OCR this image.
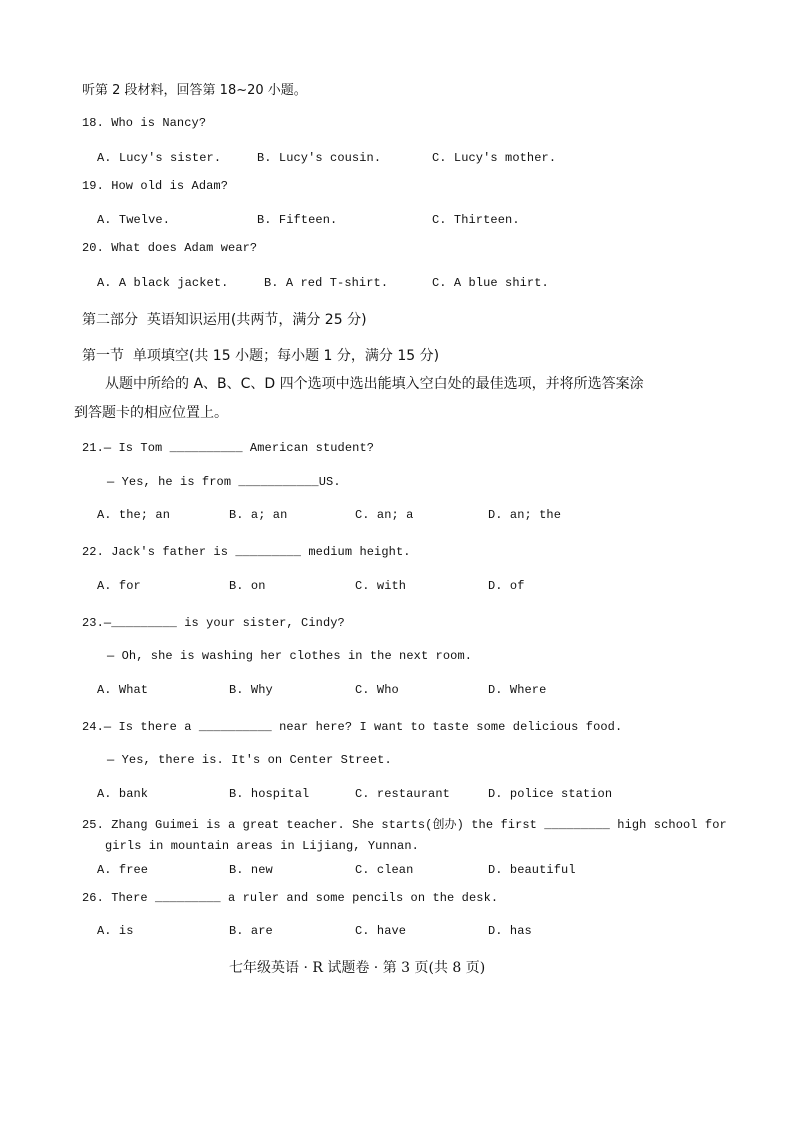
听第 2 段材料，回答第 18~20 小题。
18. Who is Nancy?
A. Lucy's sister.	B. Lucy's cousin.	C. Lucy's mother.
19. How old is Adam?
A. Twelve.	B. Fifteen.	C. Thirteen.
20. What does Adam wear?
A. A black jacket.	B. A red T-shirt.	C. A blue shirt.
第二部分  英语知识运用(共两节，满分 25 分)
第一节  单项填空(共 15 小题；每小题 1 分，满分 15 分)
从题中所给的 A、B、C、D 四个选项中选出能填入空白处的最佳选项，并将所选答案涂
到答题卡的相应位置上。
21.— Is Tom __________ American student?
— Yes, he is from ___________US.
A. the; an	B. a; an	C. an; a	D. an; the
22. Jack's father is _________ medium height.
A. for	B. on	C. with	D. of
23.—_________ is your sister, Cindy?
— Oh, she is washing her clothes in the next room.
A. What	B. Why	C. Who	D. Where
24.— Is there a __________ near here? I want to taste some delicious food.
— Yes, there is. It's on Center Street.
A. bank	B. hospital	C. restaurant	D. police station
25. Zhang Guimei is a great teacher. She starts(创办) the first _________ high school for
girls in mountain areas in Lijiang, Yunnan.
A. free	B. new	C. clean	D. beautiful
26. There _________ a ruler and some pencils on the desk.
A. is	B. are	C. have	D. has
七年级英语 · R 试题卷 · 第 3 页(共 8 页)
